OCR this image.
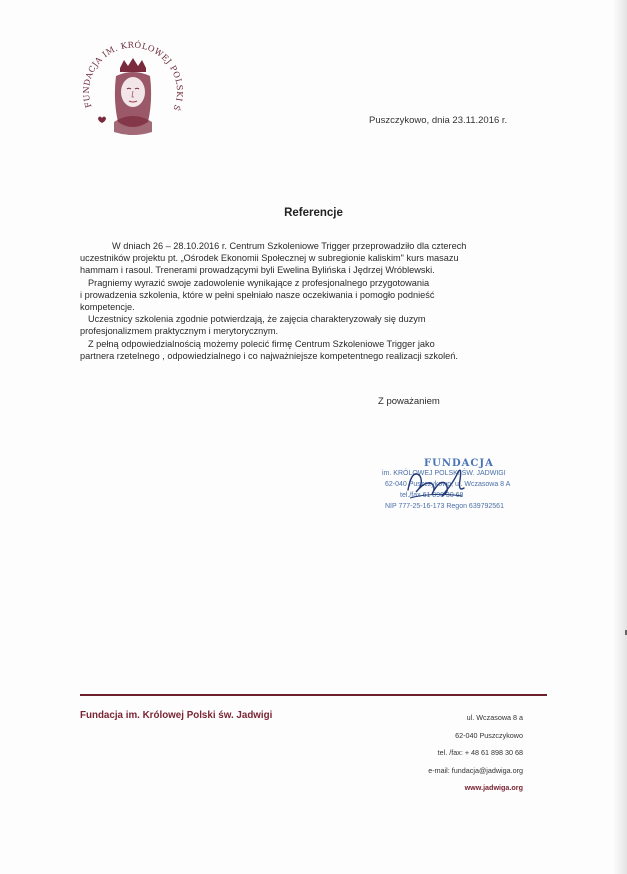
FUNDACJA IM. KRÓLOWEJ POLSKI Ś
Puszczykowo, dnia 23.11.2016 r.
Referencje

W dniach 26 – 28.10.2016 r. Centrum Szkoleniowe Trigger przeprowadziło dla czterech

uczestników projektu pt. „Ośrodek Ekonomii Społecznej w subregionie kaliskim" kurs masazu

hammam i rasoul. Trenerami prowadzącymi byli Ewelina Bylińska i Jędrzej Wróblewski.

Pragniemy wyrazić swoje zadowolenie wynikające z profesjonalnego przygotowania

i prowadzenia szkolenia, które w pełni spełniało nasze oczekiwania i pomogło podnieść

kompetencje.

Uczestnicy szkolenia zgodnie potwierdzają, że zajęcia charakteryzowały się duzym

profesjonalizmem praktycznym i merytorycznym.

Z pełną odpowiedzialnością możemy polecić firmę Centrum Szkoleniowe Trigger jako

partnera rzetelnego , odpowiedzialnego i co najważniejsze kompetentnego realizacji szkoleń.

Z poważaniem
FUNDACJA
im. KRÓLOWEJ POLSKI ŚW. JADWIGI
62-040 Puszczykowo, ul. Wczasowa 8 A
tel./fax 61 898 30 68
NIP 777-25-16-173 Regon 639792561
Fundacja im. Królowej Polski św. Jadwigi	ul. Wczasowa 8 a
62-040 Puszczykowo
tel. /fax: + 48 61 898 30 68
e-mail: fundacja@jadwiga.org
www.jadwiga.org
